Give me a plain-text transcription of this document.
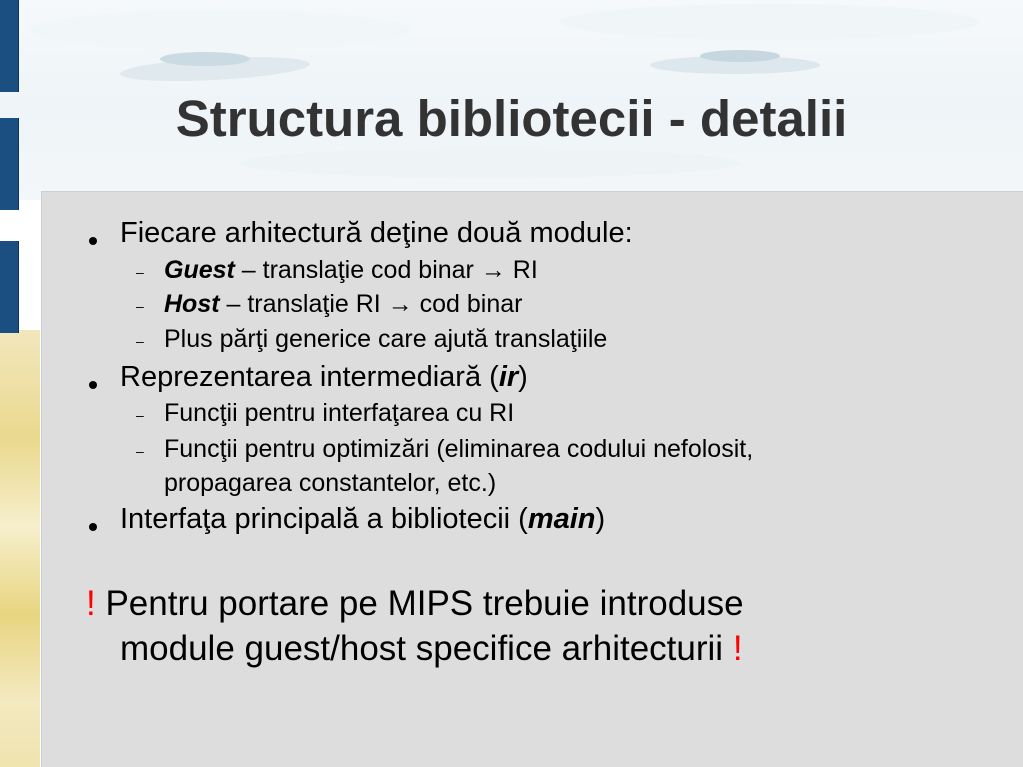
Structura bibliotecii - detalii
Fiecare arhitectură deţine două module:
– Guest – translaţie cod binar → RI
– Host – translaţie RI → cod binar
– Plus părţi generice care ajută translaţiile
Reprezentarea intermediară (ir)
– Funcţii pentru interfaţarea cu RI
– Funcţii pentru optimizări (eliminarea codului nefolosit,
propagarea constantelor, etc.)
Interfaţa principală a bibliotecii (main)
! Pentru portare pe MIPS trebuie introduse
module guest/host specifice arhitecturii !
